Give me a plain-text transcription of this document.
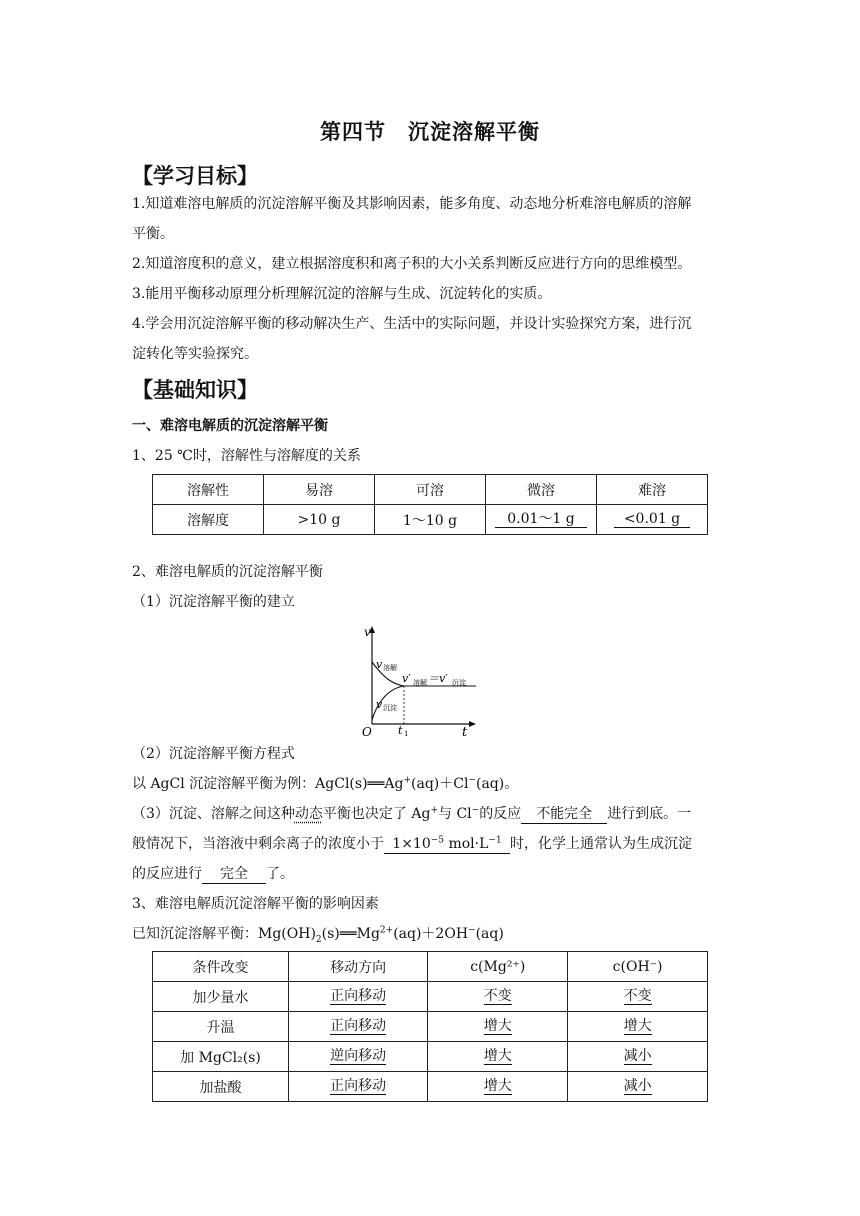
第四节　沉淀溶解平衡
【学习目标】
1.知道难溶电解质的沉淀溶解平衡及其影响因素，能多角度、动态地分析难溶电解质的溶解
平衡。
2.知道溶度积的意义，建立根据溶度积和离子积的大小关系判断反应进行方向的思维模型。
3.能用平衡移动原理分析理解沉淀的溶解与生成、沉淀转化的实质。
4.学会用沉淀溶解平衡的移动解决生产、生活中的实际问题，并设计实验探究方案，进行沉
淀转化等实验探究。
【基础知识】
一、难溶电解质的沉淀溶解平衡
1、25 ℃时，溶解性与溶解度的关系
溶解性	易溶	可溶	微溶	难溶
溶解度	>10 g	1～10 g	0.01～1 g	<0.01 g
2、难溶电解质的沉淀溶解平衡
（1）沉淀溶解平衡的建立
v
t
O t 1
v 溶解
v 沉淀
v′ 溶解 ＝v′ 沉淀
（2）沉淀溶解平衡方程式
以 AgCl 沉淀溶解平衡为例：AgCl(s)══Ag+(aq)＋Cl−(aq)。
（3）沉淀、溶解之间这种动态平衡也决定了 Ag+与 Cl−的反应 不能完全 进行到底。一
般情况下，当溶液中剩余离子的浓度小于 $1\times 10^{-5}$ $mol\cdot L^{-1}$ 时，化学上通常认为生成沉淀
的反应进行 完全 了。
3、难溶电解质沉淀溶解平衡的影响因素
已知沉淀溶解平衡：$Mg(OH)_2(s)══Mg^{2+}(aq)+2OH^-(aq)$
条件改变	移动方向	c(Mg²⁺)	c(OH⁻)
加少量水	正向移动	不变	不变
升温	正向移动	增大	增大
加 MgCl₂(s)	逆向移动	增大	减小
加盐酸	正向移动	增大	减小
